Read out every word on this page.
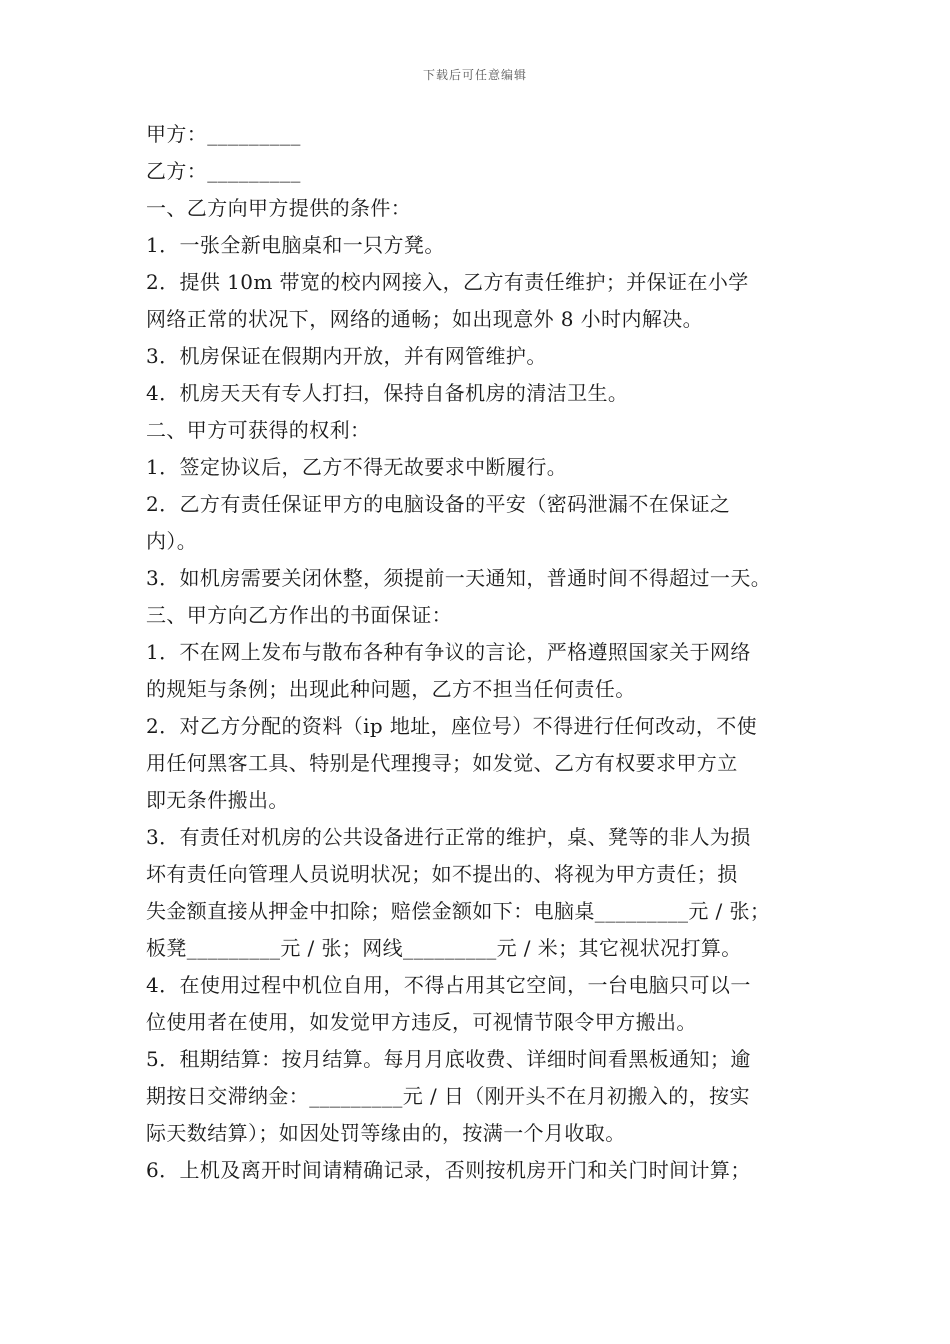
下载后可任意编辑
甲方：_________
乙方：_________
一、乙方向甲方提供的条件：
1．一张全新电脑桌和一只方凳。
2．提供 10m 带宽的校内网接入，乙方有责任维护；并保证在小学
网络正常的状况下，网络的通畅；如出现意外 8 小时内解决。
3．机房保证在假期内开放，并有网管维护。
4．机房天天有专人打扫，保持自备机房的清洁卫生。
二、甲方可获得的权利：
1．签定协议后，乙方不得无故要求中断履行。
2．乙方有责任保证甲方的电脑设备的平安（密码泄漏不在保证之
内）。
3．如机房需要关闭休整，须提前一天通知，普通时间不得超过一天。
三、甲方向乙方作出的书面保证：
1．不在网上发布与散布各种有争议的言论，严格遵照国家关于网络
的规矩与条例；出现此种问题，乙方不担当任何责任。
2．对乙方分配的资料（ip 地址，座位号）不得进行任何改动，不使
用任何黑客工具、特别是代理搜寻；如发觉、乙方有权要求甲方立
即无条件搬出。
3．有责任对机房的公共设备进行正常的维护，桌、凳等的非人为损
坏有责任向管理人员说明状况；如不提出的、将视为甲方责任；损
失金额直接从押金中扣除；赔偿金额如下：电脑桌_________元 / 张；
板凳_________元 / 张；网线_________元 / 米；其它视状况打算。
4．在使用过程中机位自用，不得占用其它空间，一台电脑只可以一
位使用者在使用，如发觉甲方违反，可视情节限令甲方搬出。
5．租期结算：按月结算。每月月底收费、详细时间看黑板通知；逾
期按日交滞纳金：_________元 / 日（刚开头不在月初搬入的，按实
际天数结算）；如因处罚等缘由的，按满一个月收取。
6．上机及离开时间请精确记录，否则按机房开门和关门时间计算；
